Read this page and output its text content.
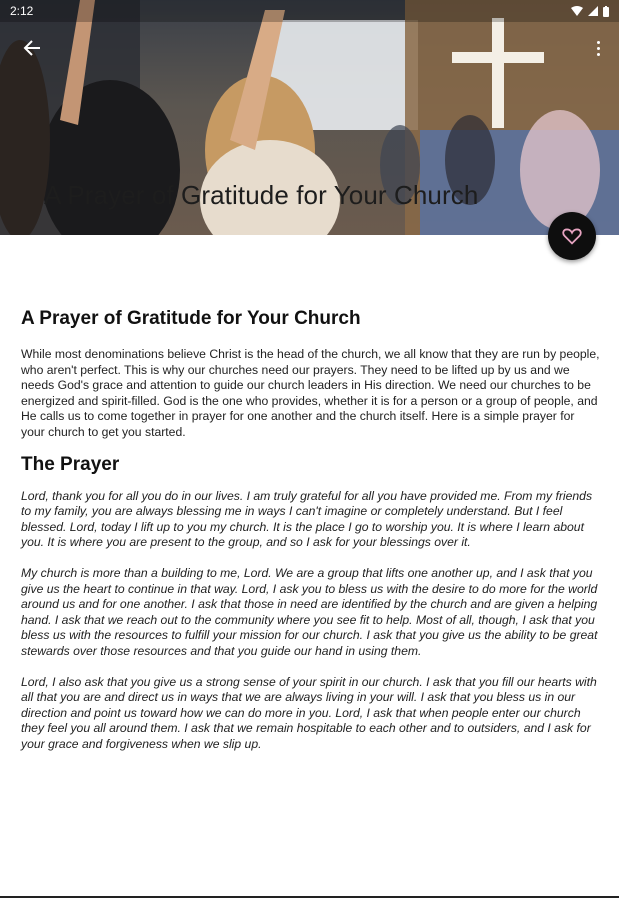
2:12
A Prayer of Gratitude for Your Church
A Prayer of Gratitude for Your Church

While most denominations believe Christ is the head of the church, we all know that they are run by people, who aren't perfect. This is why our churches need our prayers. They need to be lifted up by us and we needs God's grace and attention to guide our church leaders in His direction. We need our churches to be energized and spirit-filled. God is the one who provides, whether it is for a person or a group of people, and He calls us to come together in prayer for one another and the church itself. Here is a simple prayer for your church to get you started.

The Prayer

Lord, thank you for all you do in our lives. I am truly grateful for all you have provided me. From my friends to my family, you are always blessing me in ways I can't imagine or completely understand. But I feel blessed. Lord, today I lift up to you my church. It is the place I go to worship you. It is where I learn about you. It is where you are present to the group, and so I ask for your blessings over it.

My church is more than a building to me, Lord. We are a group that lifts one another up, and I ask that you give us the heart to continue in that way. Lord, I ask you to bless us with the desire to do more for the world around us and for one another. I ask that those in need are identified by the church and are given a helping hand. I ask that we reach out to the community where you see fit to help. Most of all, though, I ask that you bless us with the resources to fulfill your mission for our church. I ask that you give us the ability to be great stewards over those resources and that you guide our hand in using them.

Lord, I also ask that you give us a strong sense of your spirit in our church. I ask that you fill our hearts with all that you are and direct us in ways that we are always living in your will. I ask that you bless us in our direction and point us toward how we can do more in you. Lord, I ask that when people enter our church they feel you all around them. I ask that we remain hospitable to each other and to outsiders, and I ask for your grace and forgiveness when we slip up.
